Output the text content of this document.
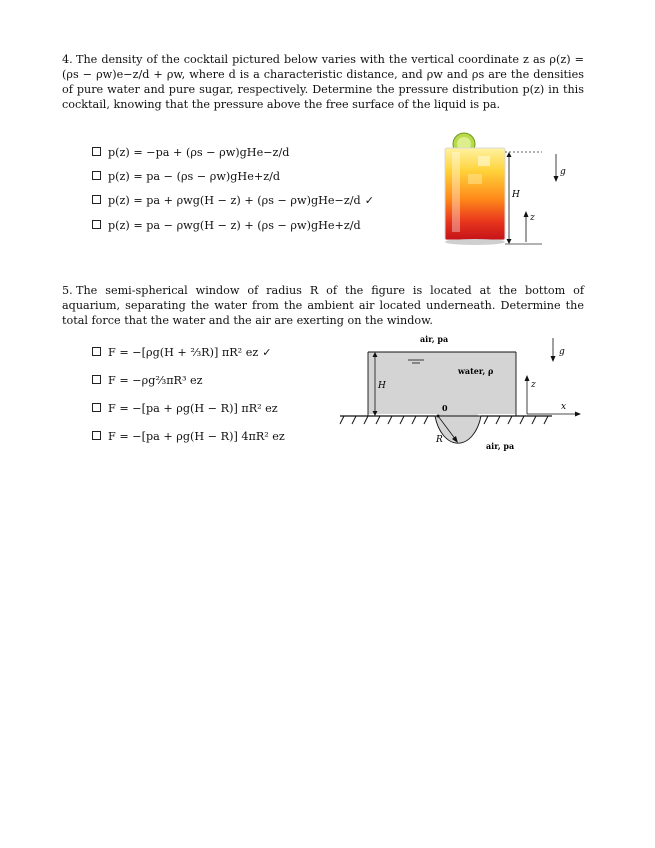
4. The density of the cocktail pictured below varies with the vertical coordinate z as ρ(z) = (ρs − ρw)e−z/d + ρw, where d is a characteristic distance, and ρw and ρs are the densities of pure water and pure sugar, respectively. Determine the pressure distribution p(z) in this cocktail, knowing that the pressure above the free surface of the liquid is pa.

p(z) = −pa + (ρs − ρw)gHe−z/d
p(z) = pa − (ρs − ρw)gHe+z/d
p(z) = pa + ρwg(H − z) + (ρs − ρw)gHe−z/d ✓
p(z) = pa − ρwg(H − z) + (ρs − ρw)gHe+z/d
H
z
g

5. The semi-spherical window of radius R of the figure is located at the bottom of aquarium, separating the water from the ambient air located underneath. Determine the total force that the water and the air are exerting on the window.

F = −[ρg(H + ⅔R)] πR² ez ✓
F = −ρg⅔πR³ ez
F = −[pa + ρg(H − R)] πR² ez
F = −[pa + ρg(H − R)] 4πR² ez
air, pa
water, ρ
H
0
R
air, pa
z
x
g
